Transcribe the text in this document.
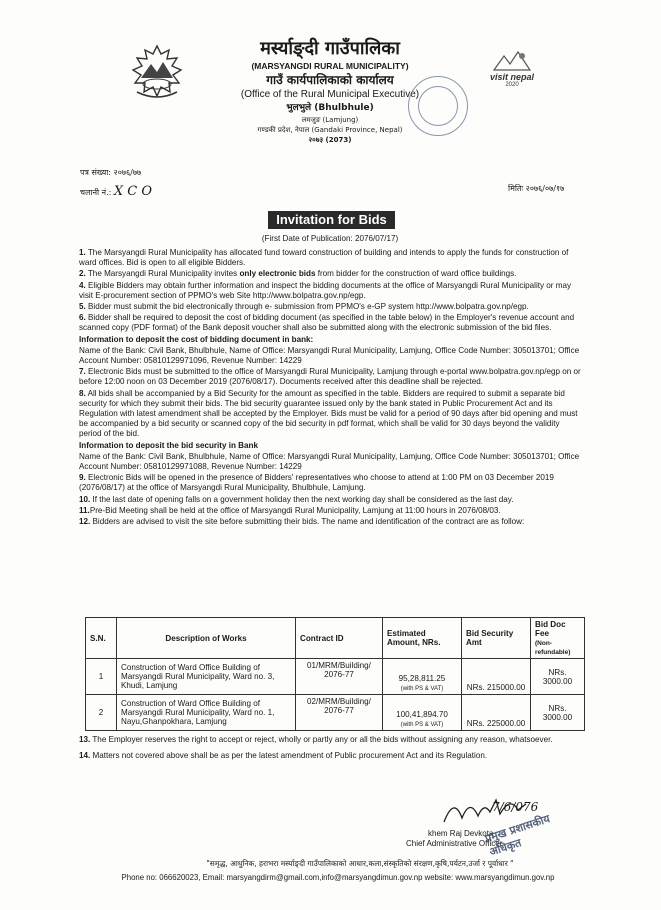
मर्स्याङ्दी गाउँपालिका
(MARSYANGDI RURAL MUNICIPALITY)
गाउँ कार्यपालिकाको कार्यालय
(Office of the Rural Municipal Executive)
भुलभुले (Bhulbhule)
लमजुङ (Lamjung)
गण्डकी प्रदेश, नेपाल (Gandaki Province, Nepal)
२०७३ (2073)
visit nepal
2020
पत्र संख्या: २०७६/७७
चलानी नं.: X C O	मितिः २०७६/०७/१७
Invitation for Bids
(First Date of Publication: 2076/07/17)

1. The Marsyangdi Rural Municipality has allocated fund toward construction of building and intends to apply the funds for construction of ward offices. Bid is open to all eligible Bidders.

2. The Marsyangdi Rural Municipality invites only electronic bids from bidder for the construction of ward office buildings.

4. Eligible Bidders may obtain further information and inspect the bidding documents at the office of Marsyangdi Rural Municipality or may visit E-procurement section of PPMO's web Site http://www.bolpatra.gov.np/egp.

5. Bidder must submit the bid electronically through e- submission from PPMO's e-GP system http://www.bolpatra.gov.np/egp.

6. Bidder shall be required to deposit the cost of bidding document (as specified in the table below) in the Employer's revenue account and scanned copy (PDF format) of the Bank deposit voucher shall also be submitted along with the electronic submission of the bid files.

Information to deposit the cost of bidding document in bank:

Name of the Bank: Civil Bank, Bhulbhule, Name of Office: Marsyangdi Rural Municipality, Lamjung, Office Code Number: 305013701; Office Account Number: 05810129971096, Revenue Number: 14229

7. Electronic Bids must be submitted to the office of Marsyangdi Rural Municipality, Lamjung through e-portal www.bolpatra.gov.np/egp on or before 12:00 noon on 03 December 2019 (2076/08/17). Documents received after this deadline shall be rejected.

8. All bids shall be accompanied by a Bid Security for the amount as specified in the table. Bidders are required to submit a separate bid security for which they submit their bids. The bid security guarantee issued only by the bank stated in Public Procurement Act and its Regulation with latest amendment shall be accepted by the Employer. Bids must be valid for a period of 90 days after bid opening and must be accompanied by a bid security or scanned copy of the bid security in pdf format, which shall be valid for 30 days beyond the validity period of the bid.

Information to deposit the bid security in Bank

Name of the Bank: Civil Bank, Bhulbhule, Name of Office: Marsyangdi Rural Municipality, Lamjung, Office Code Number: 305013701; Office Account Number: 05810129971088, Revenue Number: 14229

9. Electronic Bids will be opened in the presence of Bidders' representatives who choose to attend at 1:00 PM on 03 December 2019 (2076/08/17) at the office of Marsyangdi Rural Municipality, Bhulbhule, Lamjung.

10. If the last date of opening falls on a government holiday then the next working day shall be considered as the last day.

11.Pre-Bid Meeting shall be held at the office of Marsyangdi Rural Municipality, Lamjung at 11:00 hours in 2076/08/03.

12. Bidders are advised to visit the site before submitting their bids. The name and identification of the contract are as follow:

S.N.	Description of Works	Contract ID	Estimated
Amount, NRs.	Bid Security
Amt	Bid Doc Fee
(Non-refundable)
1	Construction of Ward Office Building of Marsyangdi Rural Municipality, Ward no. 3, Khudi, Lamjung	01/MRM/Building/ 2076-77	95,28,811.25
(with PS & VAT)	NRs. 215000.00	NRs. 3000.00
2	Construction of Ward Office Building of Marsyangdi Rural Municipality, Ward no. 1, Nayu,Ghanpokhara, Lamjung	02/MRM/Building/ 2076-77	100,41,894.70
(with PS & VAT)	NRs. 225000.00	NRs. 3000.00

13. The Employer reserves the right to accept or reject, wholly or partly any or all the bids without assigning any reason, whatsoever.

14. Matters not covered above shall be as per the latest amendment of Public procurement Act and its Regulation.

7/6/076
khem Raj Devkota
Chief Administrative Officer
प्रमुख प्रशासकीय अधिकृत
"समृद्ध, आधुनिक, हराभरा मर्स्याङ्दी गाउँपालिकाको आधार,कला,संस्कृतिको संरक्षण,कृषि,पर्यटन,उर्जा र पूर्वाधार "
Phone no: 066620023, Email: marsyangdirm@gmail.com,info@marsyangdimun.gov.np website: www.marsyangdimun.gov.np
